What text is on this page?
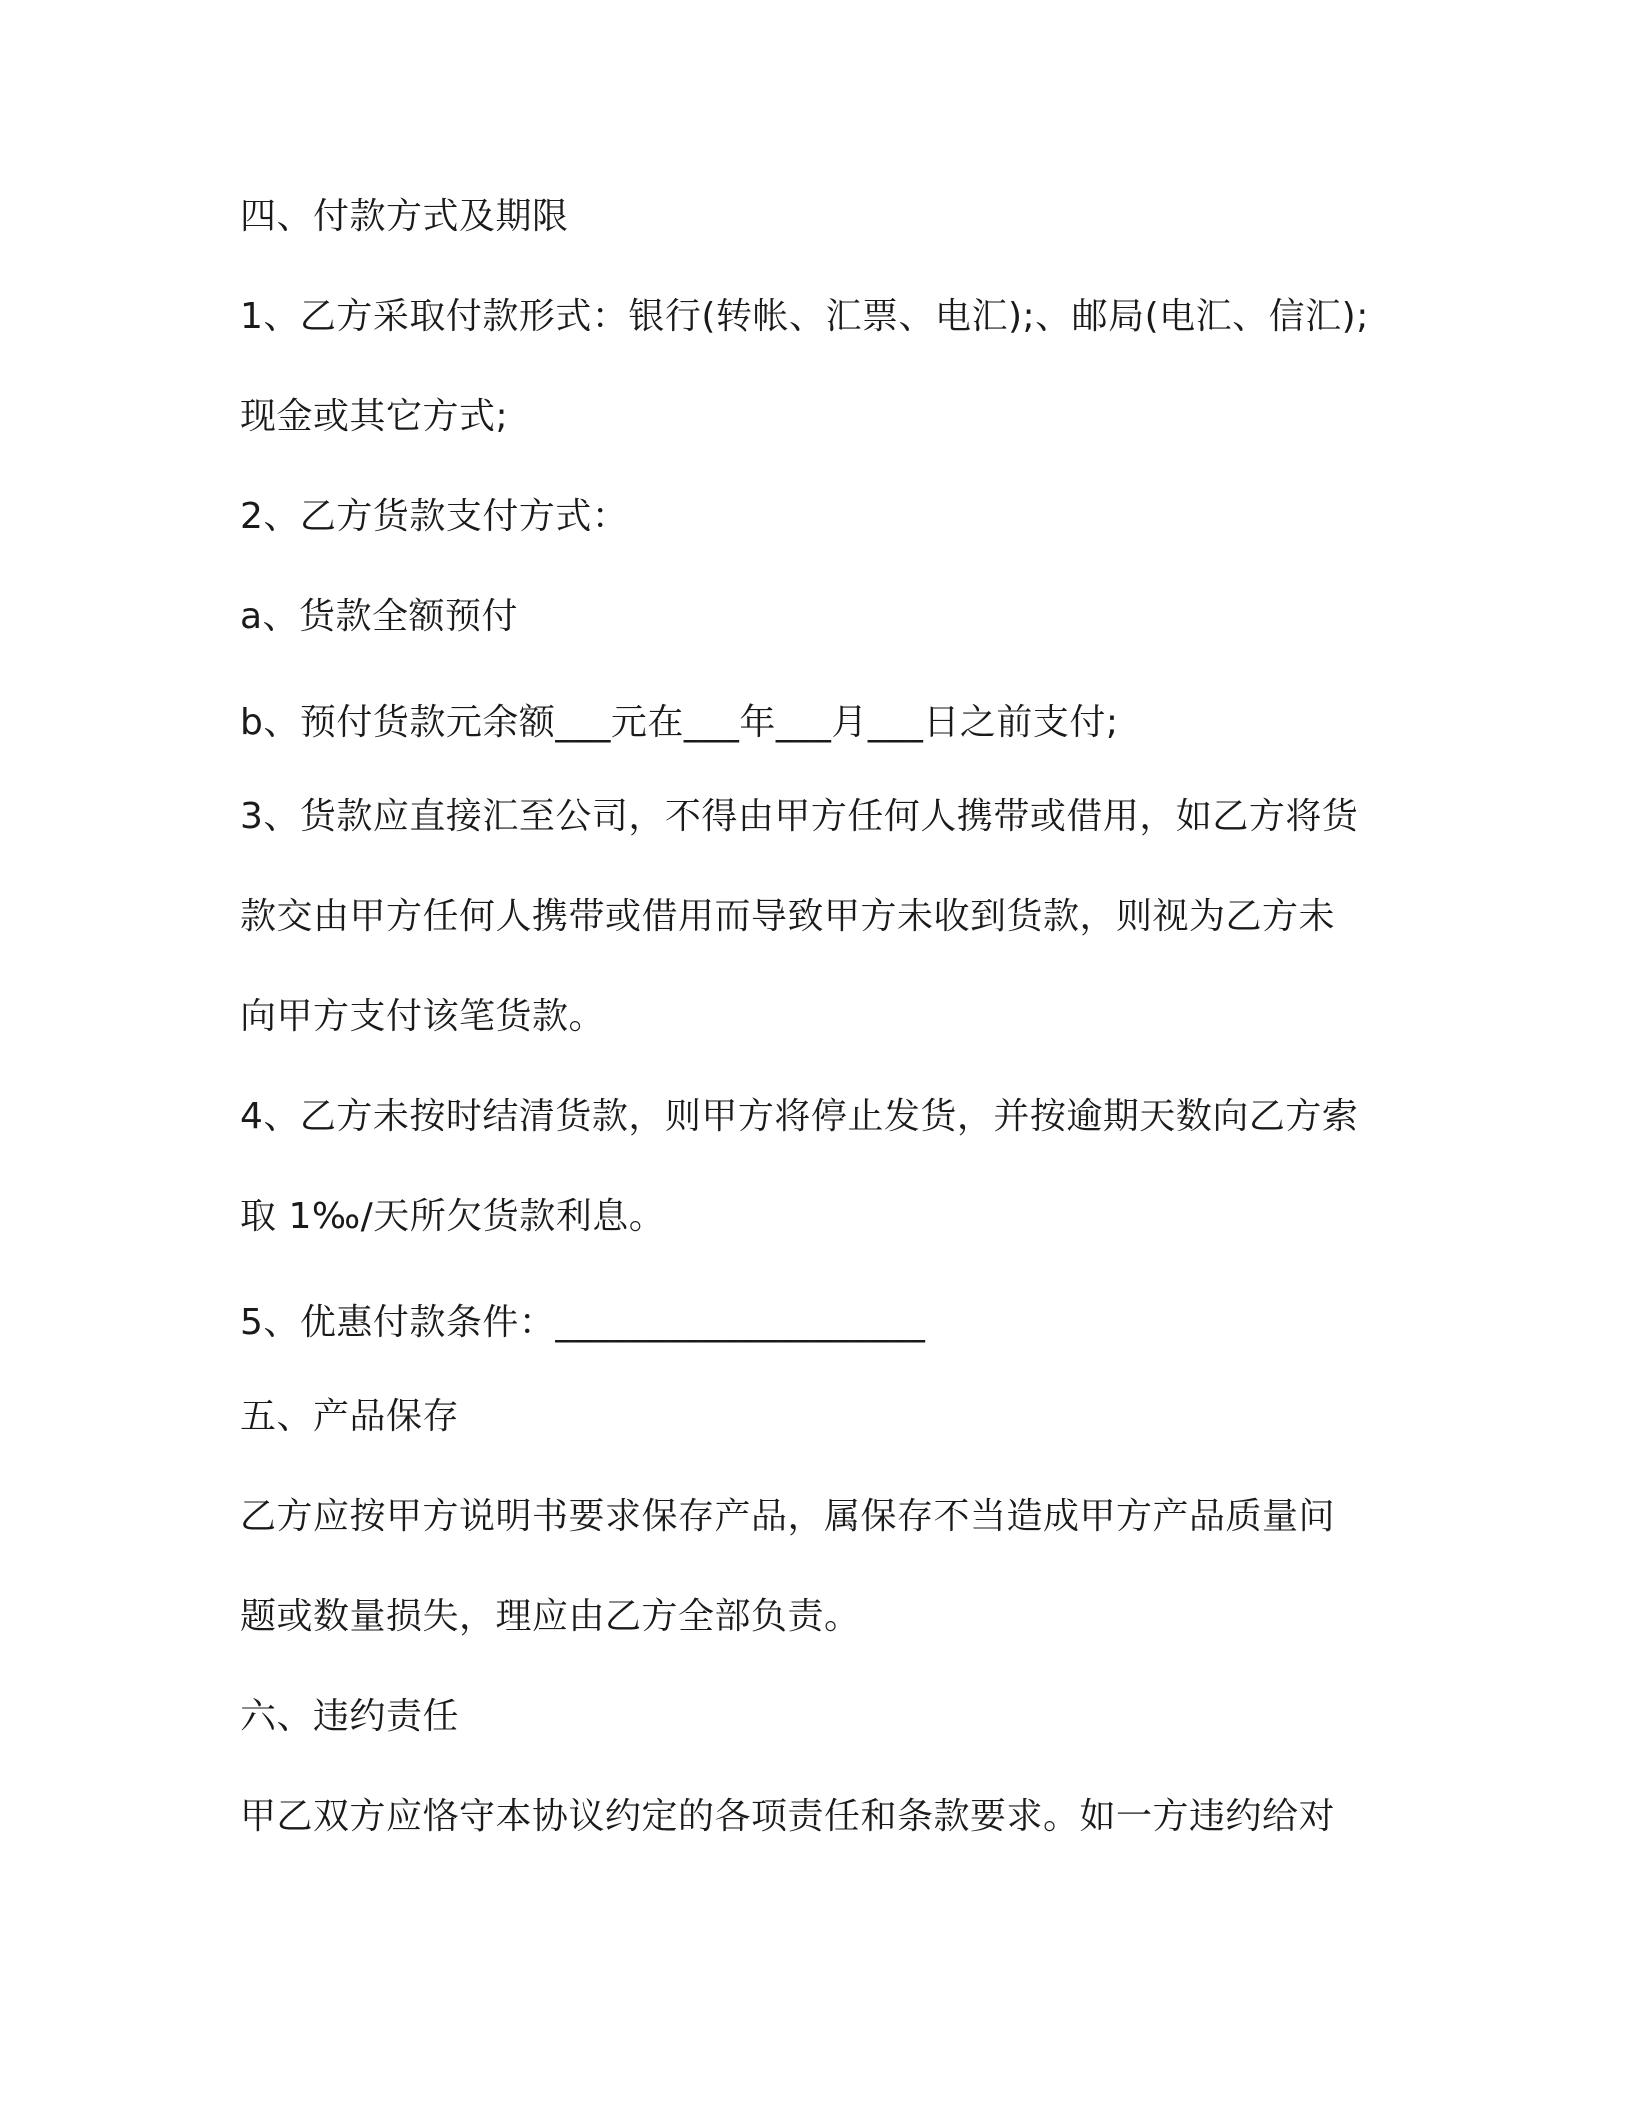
四、付款方式及期限
1、乙方采取付款形式：银行(转帐、汇票、电汇);、邮局(电汇、信汇);
现金或其它方式;
2、乙方货款支付方式：
a、货款全额预付
b、预付货款元余额___元在___年___月___日之前支付;
3、货款应直接汇至公司，不得由甲方任何人携带或借用，如乙方将货
款交由甲方任何人携带或借用而导致甲方未收到货款，则视为乙方未
向甲方支付该笔货款。
4、乙方未按时结清货款，则甲方将停止发货，并按逾期天数向乙方索
取 1‰/天所欠货款利息。
5、优惠付款条件：____________________
五、产品保存
乙方应按甲方说明书要求保存产品，属保存不当造成甲方产品质量问
题或数量损失，理应由乙方全部负责。
六、违约责任
甲乙双方应恪守本协议约定的各项责任和条款要求。如一方违约给对
